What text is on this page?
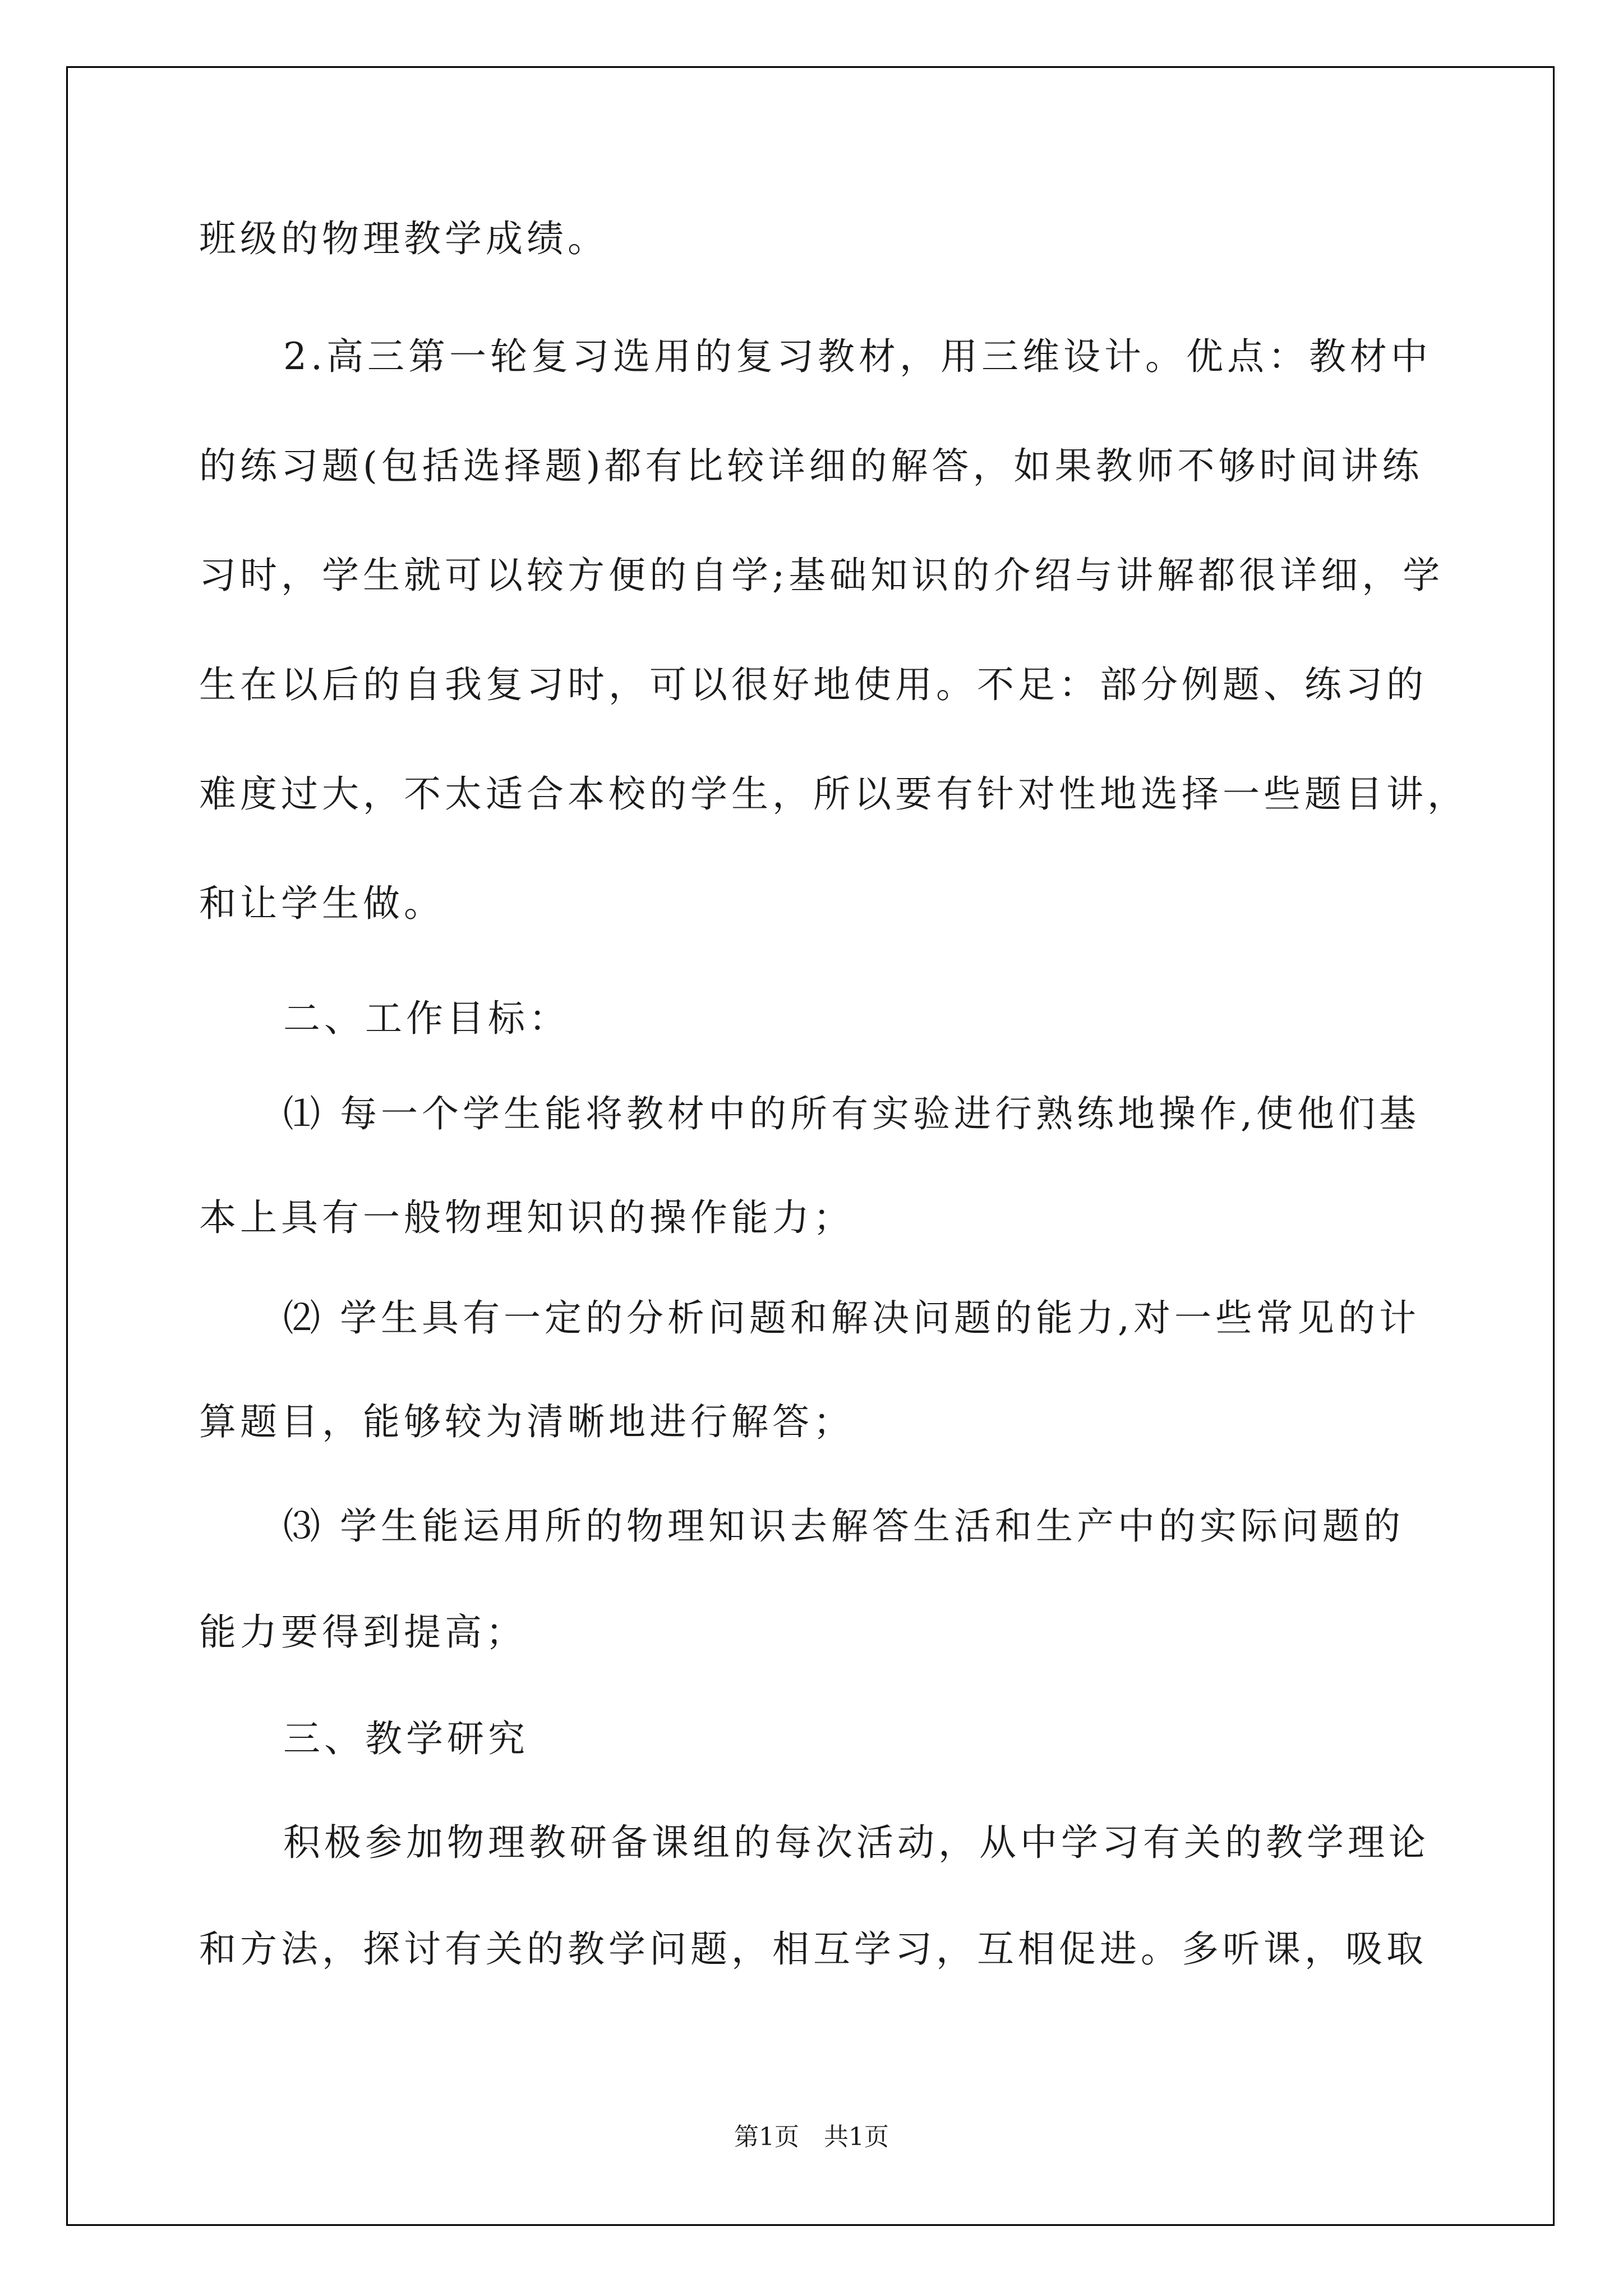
班级的物理教学成绩。
2.高三第一轮复习选用的复习教材，用三维设计。优点：教材中
的练习题(包括选择题)都有比较详细的解答，如果教师不够时间讲练
习时，学生就可以较方便的自学;基础知识的介绍与讲解都很详细，学
生在以后的自我复习时，可以很好地使用。不足：部分例题、练习的
难度过大，不太适合本校的学生，所以要有针对性地选择一些题目讲，
和让学生做。
二、工作目标：
⑴ 每一个学生能将教材中的所有实验进行熟练地操作,使他们基
本上具有一般物理知识的操作能力；
⑵ 学生具有一定的分析问题和解决问题的能力,对一些常见的计
算题目，能够较为清晰地进行解答；
⑶ 学生能运用所的物理知识去解答生活和生产中的实际问题的
能力要得到提高；
三、教学研究
积极参加物理教研备课组的每次活动，从中学习有关的教学理论
和方法，探讨有关的教学问题，相互学习，互相促进。多听课，吸取
第1页　共1页
